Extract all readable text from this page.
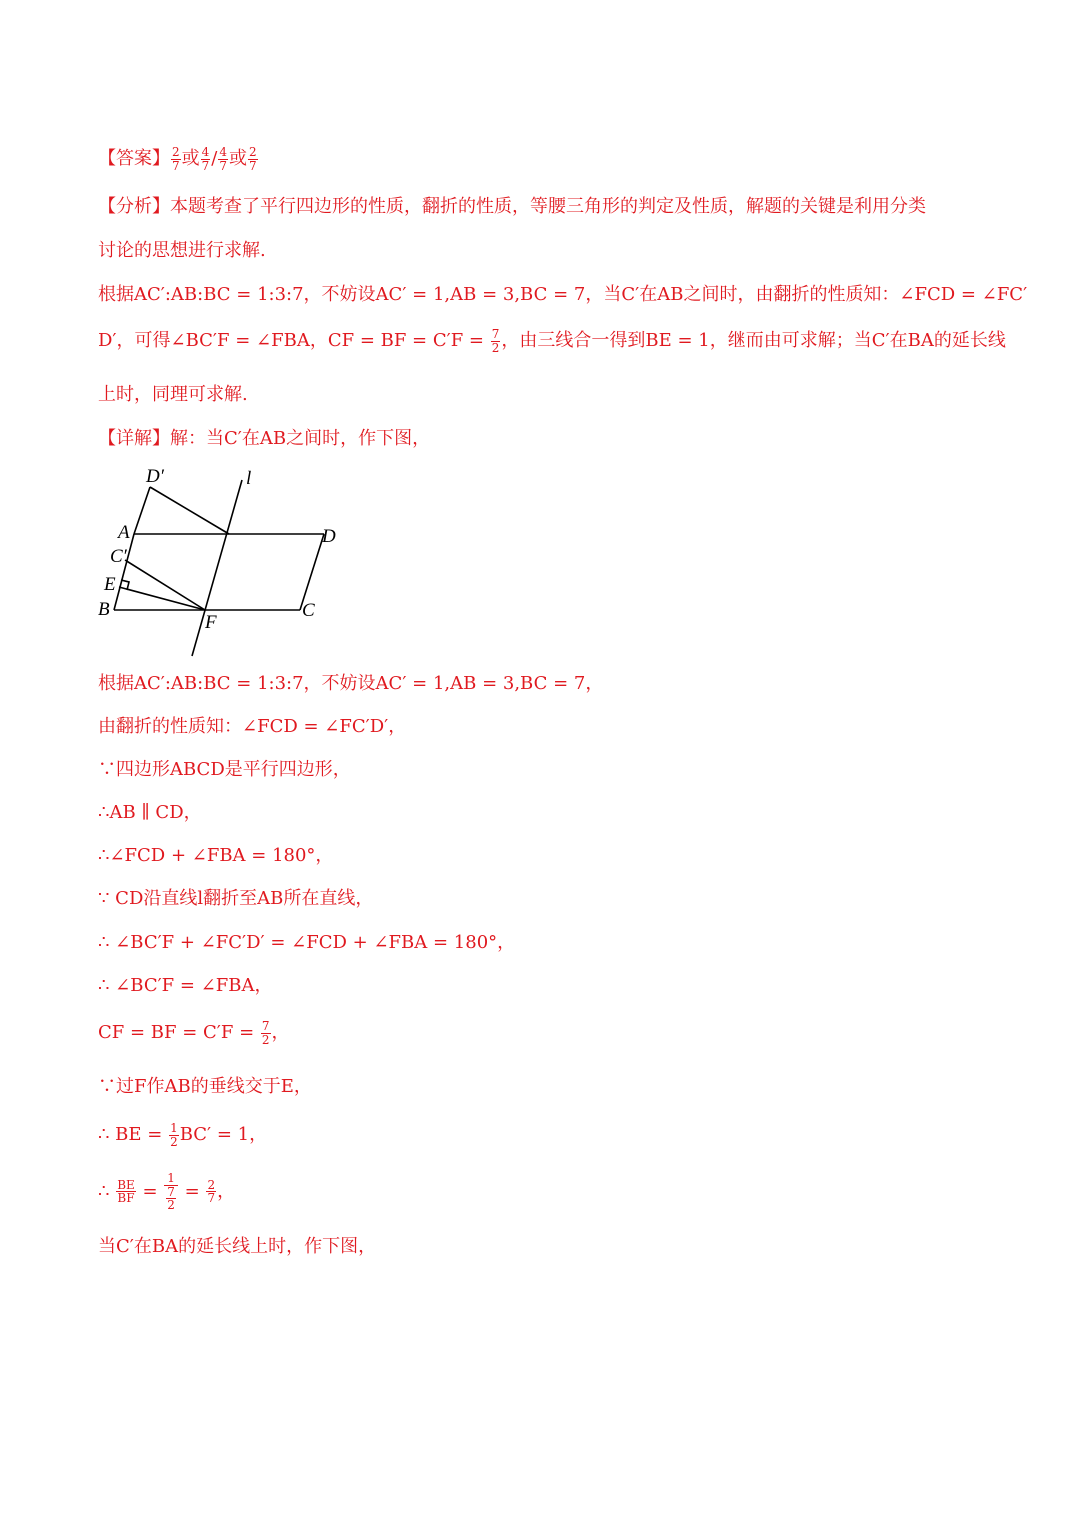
【答案】 $\frac{2}{7}$ 或 $\frac{4}{7} / \frac{4}{7}$ 或 $\frac{2}{7}$
【分析】本题考查了平行四边形的性质，翻折的性质，等腰三角形的判定及性质，解题的关键是利用分类
讨论的思想进行求解.
根据AC′:AB:BC = 1:3:7，不妨设AC′ = 1,AB = 3,BC = 7，当C′在AB之间时，由翻折的性质知：∠FCD = ∠FC′
D′，可得∠BC′F = ∠FBA，CF = BF = $C'F = \frac{7}{2}$ ，由三线合一得到BE = 1，继而由可求解；当C′在BA的延长线
上时，同理可求解.
【详解】解：当C′在AB之间时，作下图，
D′	l
A	D
C′
E
B
F
C
根据AC′:AB:BC = 1:3:7，不妨设AC′ = 1,AB = 3,BC = 7，
由翻折的性质知：∠FCD = ∠FC′D′，
∵四边形ABCD是平行四边形，
∴AB ∥ CD，
∴∠FCD + ∠FBA = 180°，
∵ CD沿直线l翻折至AB所在直线，
∴ ∠BC′F + ∠FC′D′ = ∠FCD + ∠FBA = 180°，
∴ ∠BC′F = ∠FBA，
CF = BF = $C'F = \frac{7}{2}$ ，
∵过F作AB的垂线交于E，
∴ BE = $\frac{1}{2} BC' = 1$，
∴ $\frac{BE}{BF} = \frac{1}{\frac{7}{2}} = \frac{2}{7}$ ，
当C′在BA的延长线上时，作下图，
